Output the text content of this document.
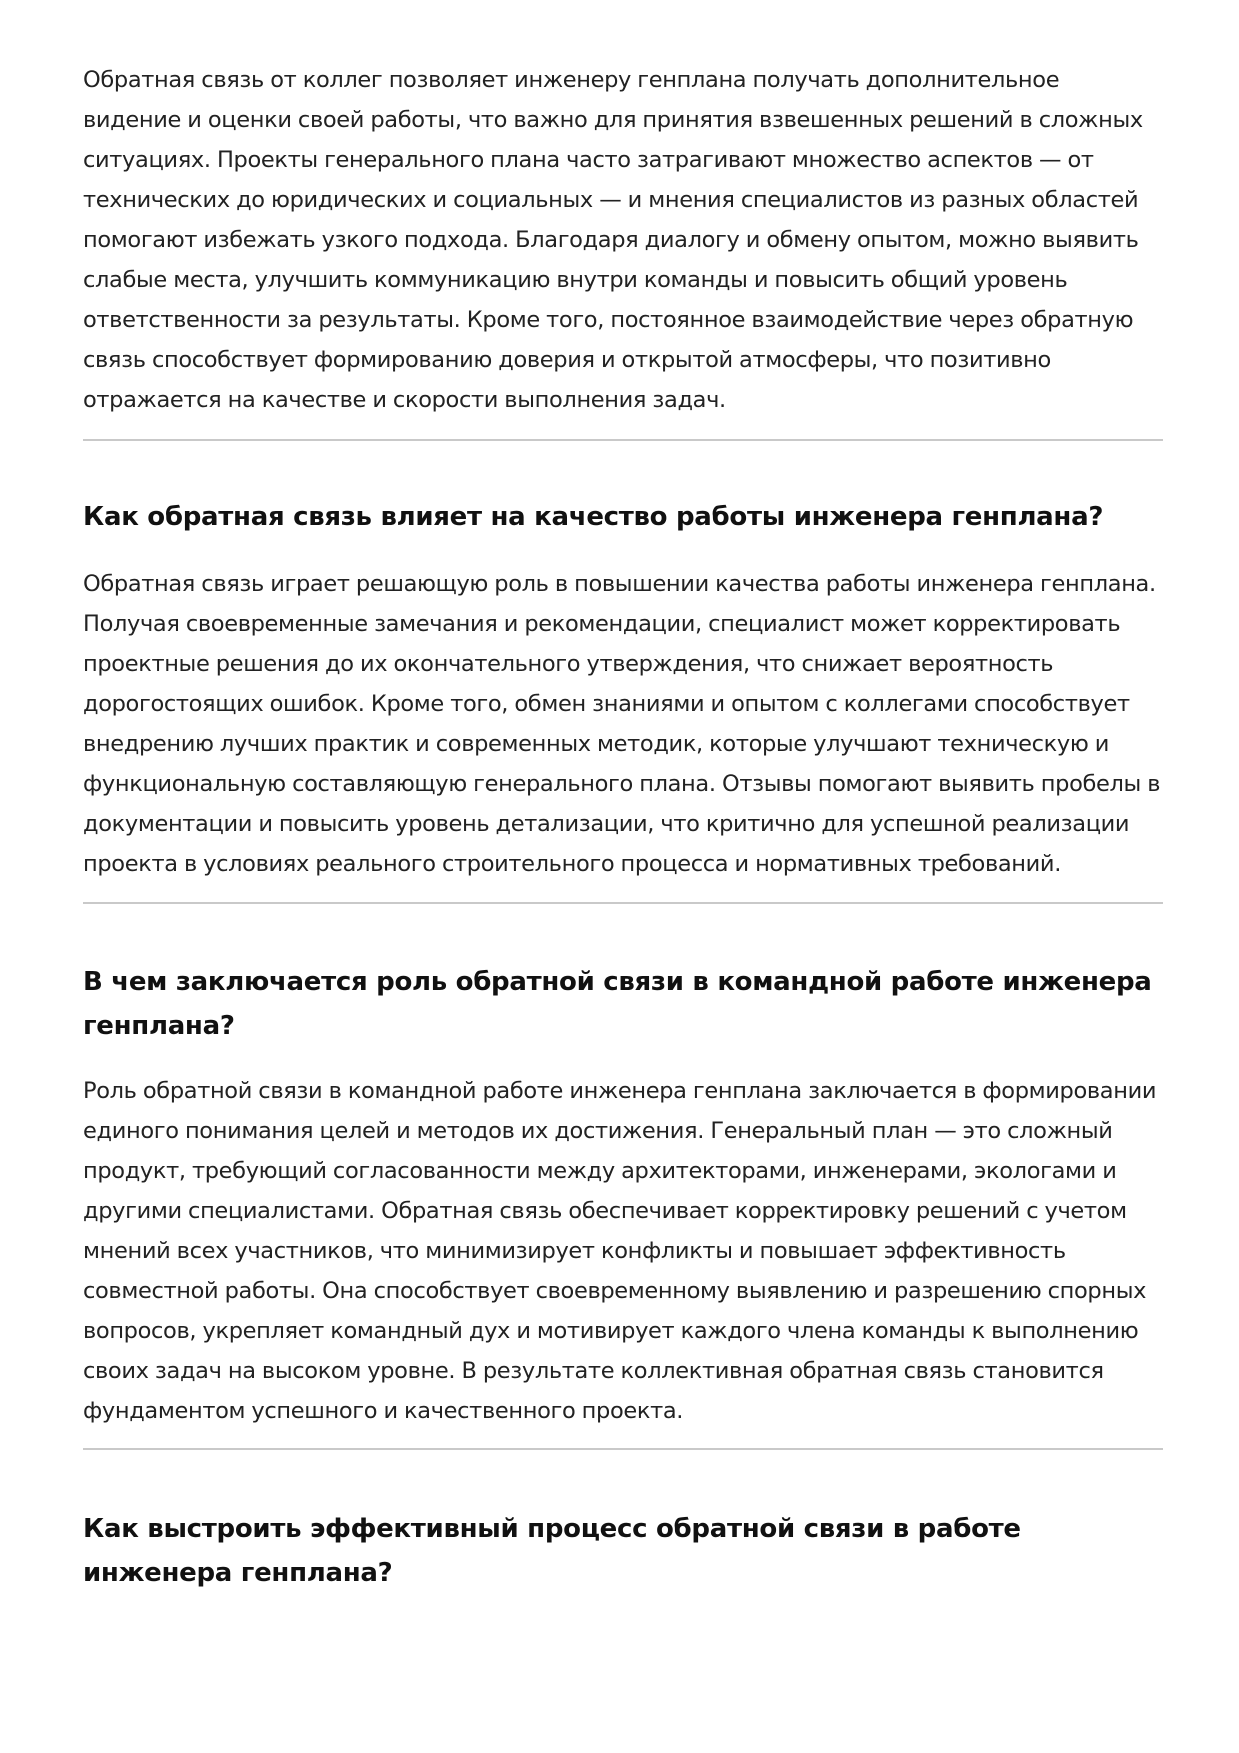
Обратная связь от коллег позволяет инженеру генплана получать дополнительное видение и оценки своей работы, что важно для принятия взвешенных решений в сложных ситуациях. Проекты генерального плана часто затрагивают множество аспектов — от технических до юридических и социальных — и мнения специалистов из разных областей помогают избежать узкого подхода. Благодаря диалогу и обмену опытом, можно выявить слабые места, улучшить коммуникацию внутри команды и повысить общий уровень ответственности за результаты. Кроме того, постоянное взаимодействие через обратную связь способствует формированию доверия и открытой атмосферы, что позитивно отражается на качестве и скорости выполнения задач.

Как обратная связь влияет на качество работы инженера генплана?

Обратная связь играет решающую роль в повышении качества работы инженера генплана. Получая своевременные замечания и рекомендации, специалист может корректировать проектные решения до их окончательного утверждения, что снижает вероятность дорогостоящих ошибок. Кроме того, обмен знаниями и опытом с коллегами способствует внедрению лучших практик и современных методик, которые улучшают техническую и функциональную составляющую генерального плана. Отзывы помогают выявить пробелы в документации и повысить уровень детализации, что критично для успешной реализации проекта в условиях реального строительного процесса и нормативных требований.

В чем заключается роль обратной связи в командной работе инженера генплана?

Роль обратной связи в командной работе инженера генплана заключается в формировании единого понимания целей и методов их достижения. Генеральный план — это сложный продукт, требующий согласованности между архитекторами, инженерами, экологами и другими специалистами. Обратная связь обеспечивает корректировку решений с учетом мнений всех участников, что минимизирует конфликты и повышает эффективность совместной работы. Она способствует своевременному выявлению и разрешению спорных вопросов, укрепляет командный дух и мотивирует каждого члена команды к выполнению своих задач на высоком уровне. В результате коллективная обратная связь становится фундаментом успешного и качественного проекта.

Как выстроить эффективный процесс обратной связи в работе инженера генплана?
